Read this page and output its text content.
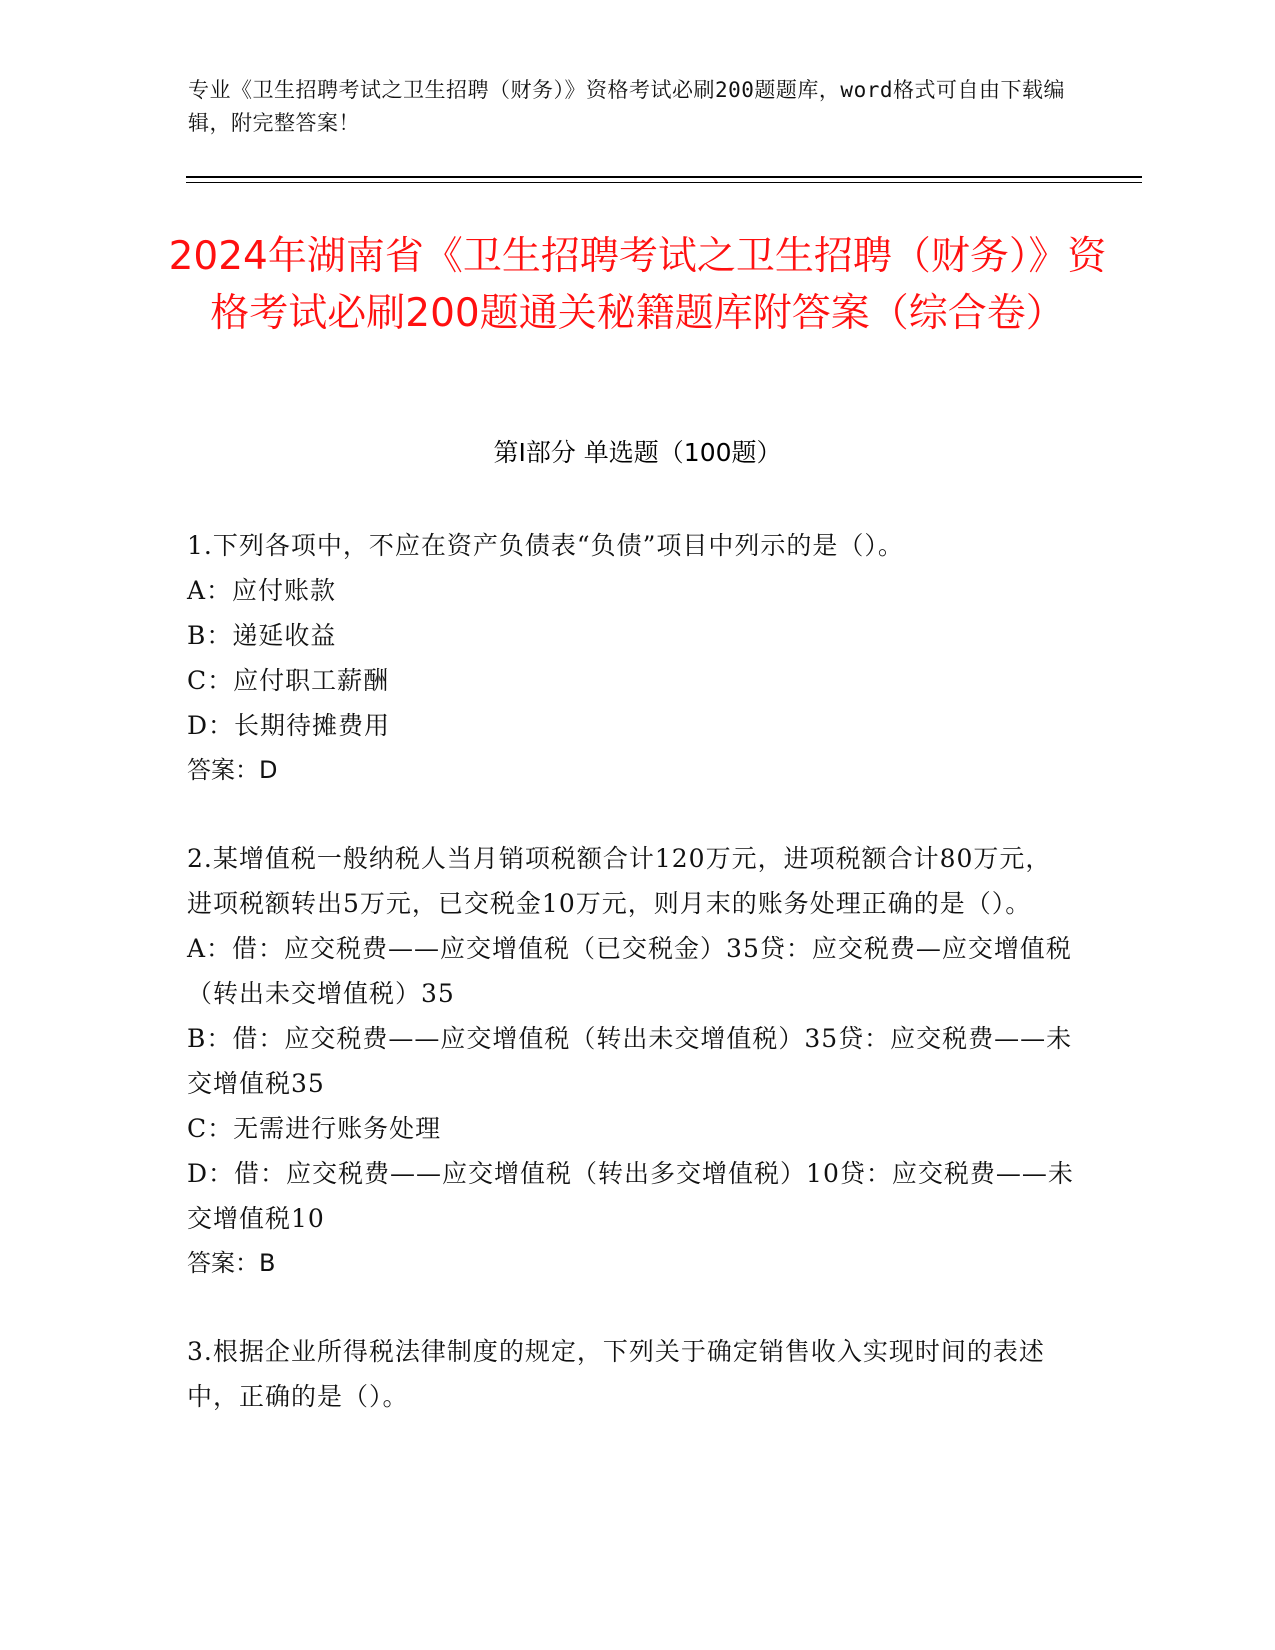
专业《卫生招聘考试之卫生招聘（财务）》资格考试必刷200题题库，word格式可自由下载编辑，附完整答案！
2024年湖南省《卫生招聘考试之卫生招聘（财务）》资格考试必刷200题通关秘籍题库附答案（综合卷）
第Ⅰ部分 单选题（100题）

1.下列各项中，不应在资产负债表“负债”项目中列示的是（）。

A：应付账款

B：递延收益

C：应付职工薪酬

D：长期待摊费用

答案：D

2.某增值税一般纳税人当月销项税额合计120万元，进项税额合计80万元，进项税额转出5万元，已交税金10万元，则月末的账务处理正确的是（）。

A：借：应交税费——应交增值税（已交税金）35贷：应交税费—应交增值税（转出未交增值税）35

B：借：应交税费——应交增值税（转出未交增值税）35贷：应交税费——未交增值税35

C：无需进行账务处理

D：借：应交税费——应交增值税（转出多交增值税）10贷：应交税费——未交增值税10

答案：B

3.根据企业所得税法律制度的规定，下列关于确定销售收入实现时间的表述中，正确的是（）。
